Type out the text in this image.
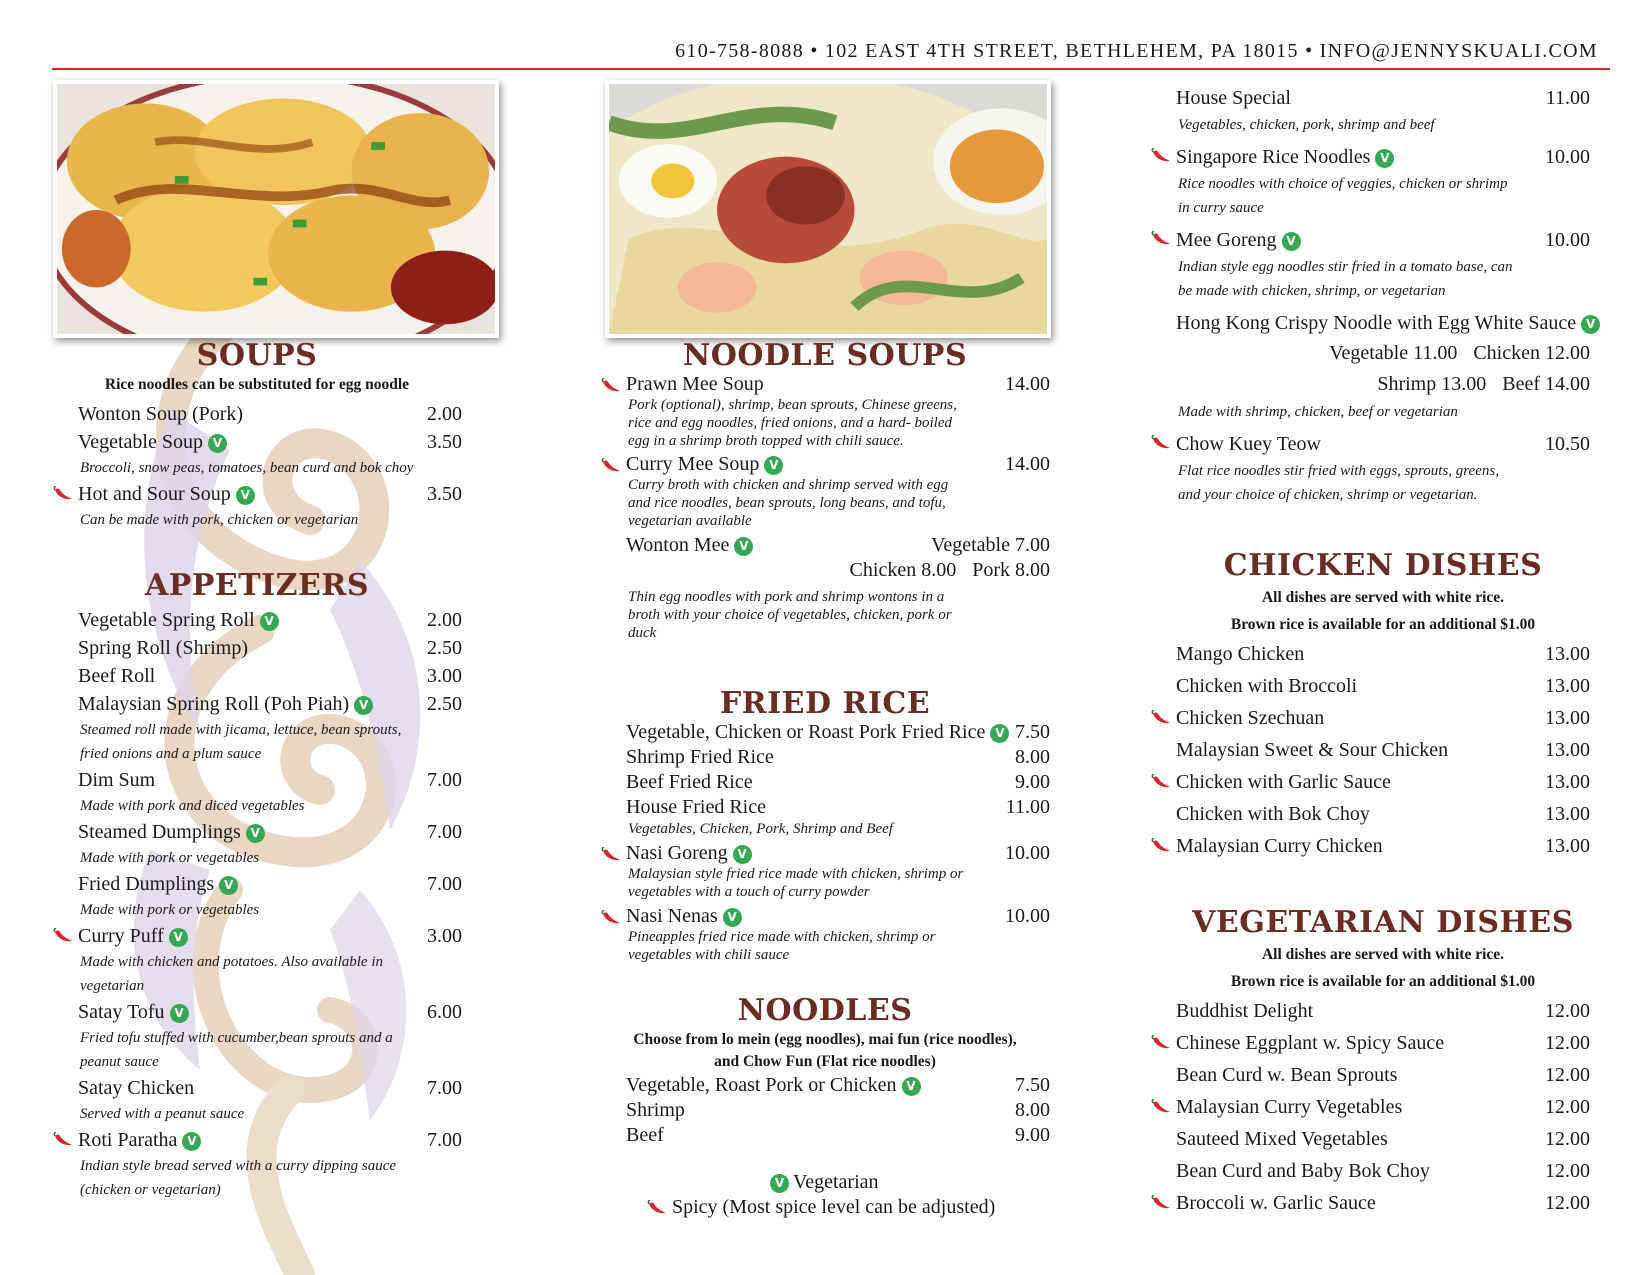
610-758-8088 • 102 EAST 4TH STREET, BETHLEHEM, PA 18015 • INFO@JENNYSKUALI.COM
SOUPS
Rice noodles can be substituted for egg noodle
Wonton Soup (Pork)	2.00
Vegetable Soup V	3.50
Broccoli, snow peas, tomatoes, bean curd and bok choy
Hot and Sour Soup V	3.50
Can be made with pork, chicken or vegetarian
APPETIZERS
Vegetable Spring Roll V	2.00
Spring Roll (Shrimp)	2.50
Beef Roll	3.00
Malaysian Spring Roll (Poh Piah) V	2.50
Steamed roll made with jicama, lettuce, bean sprouts,
fried onions and a plum sauce
Dim Sum	7.00
Made with pork and diced vegetables
Steamed Dumplings V	7.00
Made with pork or vegetables
Fried Dumplings V	7.00
Made with pork or vegetables
Curry Puff V	3.00
Made with chicken and potatoes. Also available in
vegetarian
Satay Tofu V	6.00
Fried tofu stuffed with cucumber,bean sprouts and a
peanut sauce
Satay Chicken	7.00
Served with a peanut sauce
Roti Paratha V	7.00
Indian style bread served with a curry dipping sauce
(chicken or vegetarian)
NOODLE SOUPS
Prawn Mee Soup	14.00
Pork (optional), shrimp, bean sprouts, Chinese greens,
rice and egg noodles, fried onions, and a hard- boiled
egg in a shrimp broth topped with chili sauce.
Curry Mee Soup V	14.00
Curry broth with chicken and shrimp served with egg
and rice noodles, bean sprouts, long beans, and tofu,
vegetarian available
Wonton Mee V	Vegetable 7.00
Chicken 8.00 Pork 8.00
Thin egg noodles with pork and shrimp wontons in a
broth with your choice of vegetables, chicken, pork or
duck
FRIED RICE
Vegetable, Chicken or Roast Pork Fried Rice V 7.50
Shrimp Fried Rice	8.00
Beef Fried Rice	9.00
House Fried Rice	11.00
Vegetables, Chicken, Pork, Shrimp and Beef
Nasi Goreng V	10.00
Malaysian style fried rice made with chicken, shrimp or
vegetables with a touch of curry powder
Nasi Nenas V	10.00
Pineapples fried rice made with chicken, shrimp or
vegetables with chili sauce
NOODLES
Choose from lo mein (egg noodles), mai fun (rice noodles),
and Chow Fun (Flat rice noodles)
Vegetable, Roast Pork or Chicken V	7.50
Shrimp	8.00
Beef	9.00
V Vegetarian
Spicy (Most spice level can be adjusted)
House Special	11.00
Vegetables, chicken, pork, shrimp and beef
Singapore Rice Noodles V	10.00
Rice noodles with choice of veggies, chicken or shrimp
in curry sauce
Mee Goreng V	10.00
Indian style egg noodles stir fried in a tomato base, can
be made with chicken, shrimp, or vegetarian
Hong Kong Crispy Noodle with Egg White Sauce V
Vegetable 11.00 Chicken 12.00
Shrimp 13.00 Beef 14.00
Made with shrimp, chicken, beef or vegetarian
Chow Kuey Teow	10.50
Flat rice noodles stir fried with eggs, sprouts, greens,
and your choice of chicken, shrimp or vegetarian.
CHICKEN DISHES
All dishes are served with white rice.
Brown rice is available for an additional $1.00
Mango Chicken	13.00
Chicken with Broccoli	13.00
Chicken Szechuan	13.00
Malaysian Sweet & Sour Chicken	13.00
Chicken with Garlic Sauce	13.00
Chicken with Bok Choy	13.00
Malaysian Curry Chicken	13.00
VEGETARIAN DISHES
All dishes are served with white rice.
Brown rice is available for an additional $1.00
Buddhist Delight	12.00
Chinese Eggplant w. Spicy Sauce	12.00
Bean Curd w. Bean Sprouts	12.00
Malaysian Curry Vegetables	12.00
Sauteed Mixed Vegetables	12.00
Bean Curd and Baby Bok Choy	12.00
Broccoli w. Garlic Sauce	12.00
